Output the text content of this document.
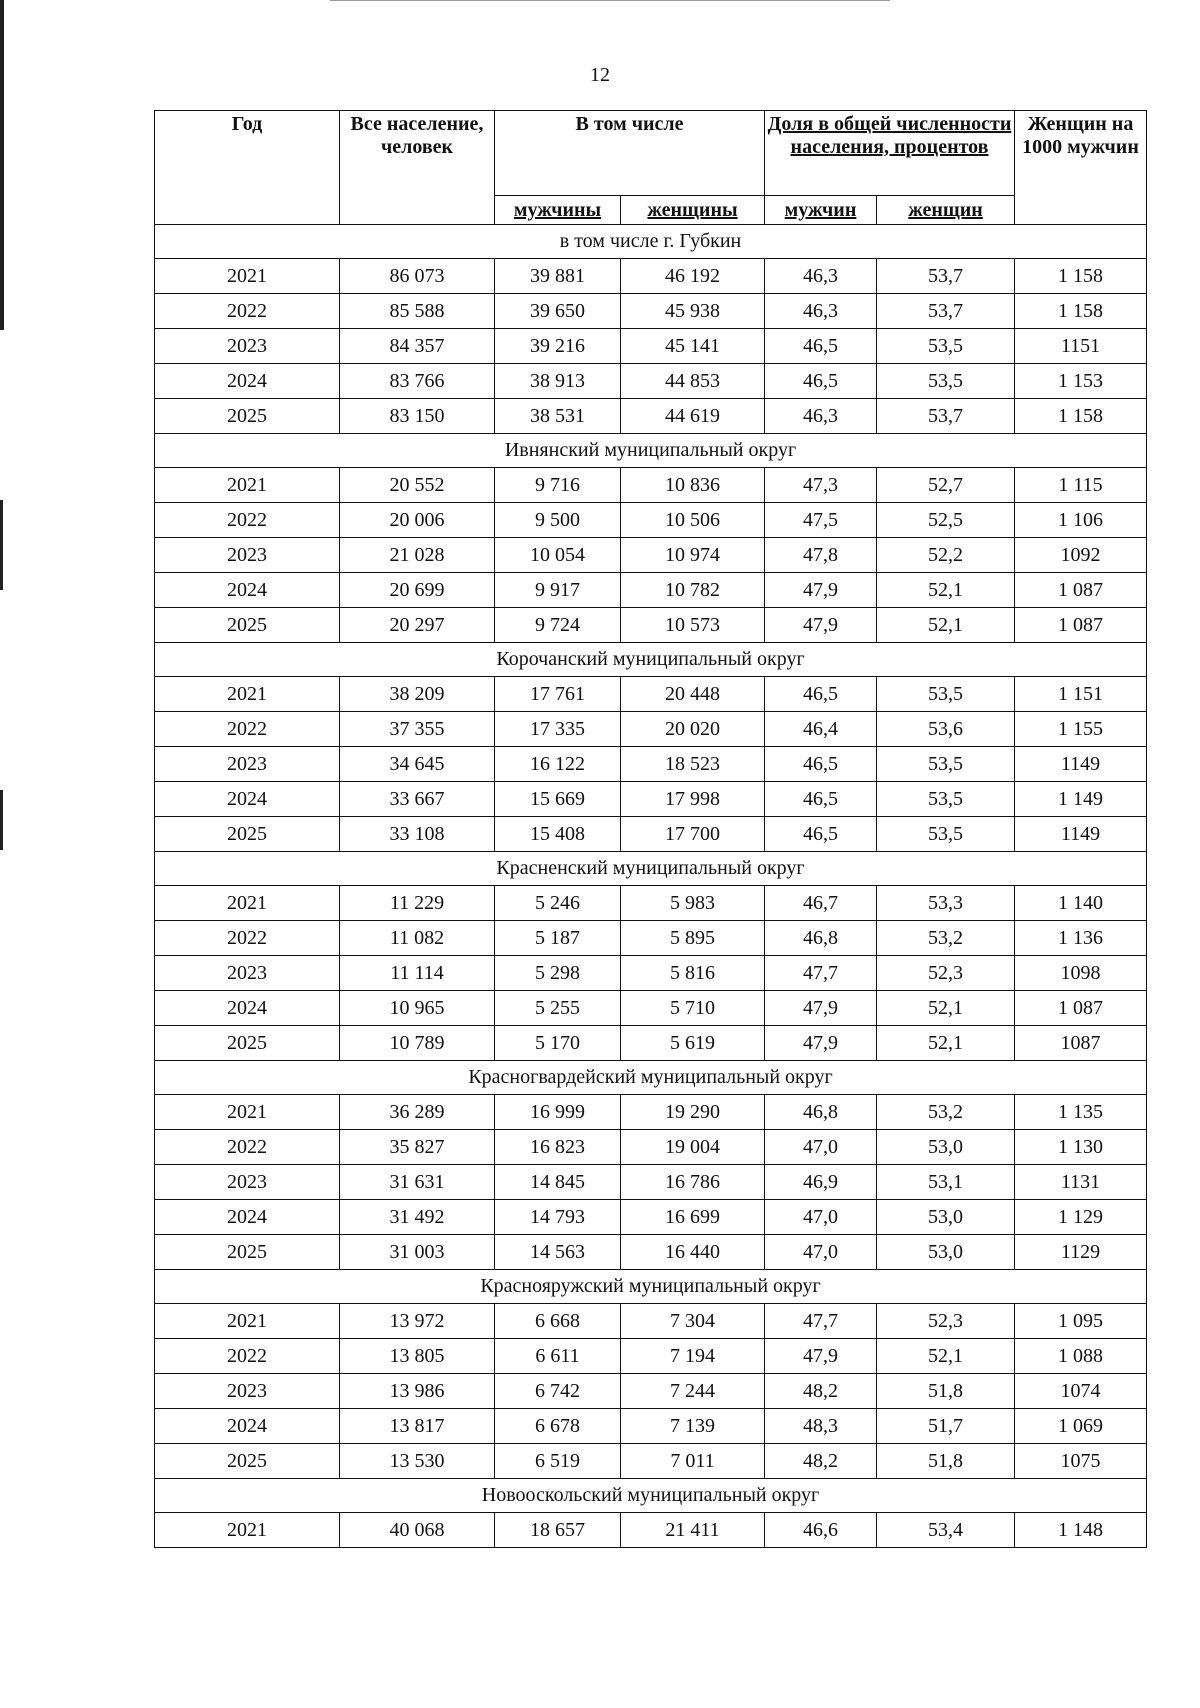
12
Год	Все население, человек	В том числе		Доля в общей численности населения, процентов		Женщин на 1000 мужчин
		мужчины	женщины	мужчин	женщин	
в том числе г. Губкин						
2021	86 073	39 881	46 192	46,3	53,7	1 158
2022	85 588	39 650	45 938	46,3	53,7	1 158
2023	84 357	39 216	45 141	46,5	53,5	1151
2024	83 766	38 913	44 853	46,5	53,5	1 153
2025	83 150	38 531	44 619	46,3	53,7	1 158
Ивнянский муниципальный округ						
2021	20 552	9 716	10 836	47,3	52,7	1 115
2022	20 006	9 500	10 506	47,5	52,5	1 106
2023	21 028	10 054	10 974	47,8	52,2	1092
2024	20 699	9 917	10 782	47,9	52,1	1 087
2025	20 297	9 724	10 573	47,9	52,1	1 087
Корочанский муниципальный округ						
2021	38 209	17 761	20 448	46,5	53,5	1 151
2022	37 355	17 335	20 020	46,4	53,6	1 155
2023	34 645	16 122	18 523	46,5	53,5	1149
2024	33 667	15 669	17 998	46,5	53,5	1 149
2025	33 108	15 408	17 700	46,5	53,5	1149
Красненский муниципальный округ						
2021	11 229	5 246	5 983	46,7	53,3	1 140
2022	11 082	5 187	5 895	46,8	53,2	1 136
2023	11 114	5 298	5 816	47,7	52,3	1098
2024	10 965	5 255	5 710	47,9	52,1	1 087
2025	10 789	5 170	5 619	47,9	52,1	1087
Красногвардейский муниципальный округ						
2021	36 289	16 999	19 290	46,8	53,2	1 135
2022	35 827	16 823	19 004	47,0	53,0	1 130
2023	31 631	14 845	16 786	46,9	53,1	1131
2024	31 492	14 793	16 699	47,0	53,0	1 129
2025	31 003	14 563	16 440	47,0	53,0	1129
Краснояружский муниципальный округ						
2021	13 972	6 668	7 304	47,7	52,3	1 095
2022	13 805	6 611	7 194	47,9	52,1	1 088
2023	13 986	6 742	7 244	48,2	51,8	1074
2024	13 817	6 678	7 139	48,3	51,7	1 069
2025	13 530	6 519	7 011	48,2	51,8	1075
Новооскольский муниципальный округ						
2021	40 068	18 657	21 411	46,6	53,4	1 148
